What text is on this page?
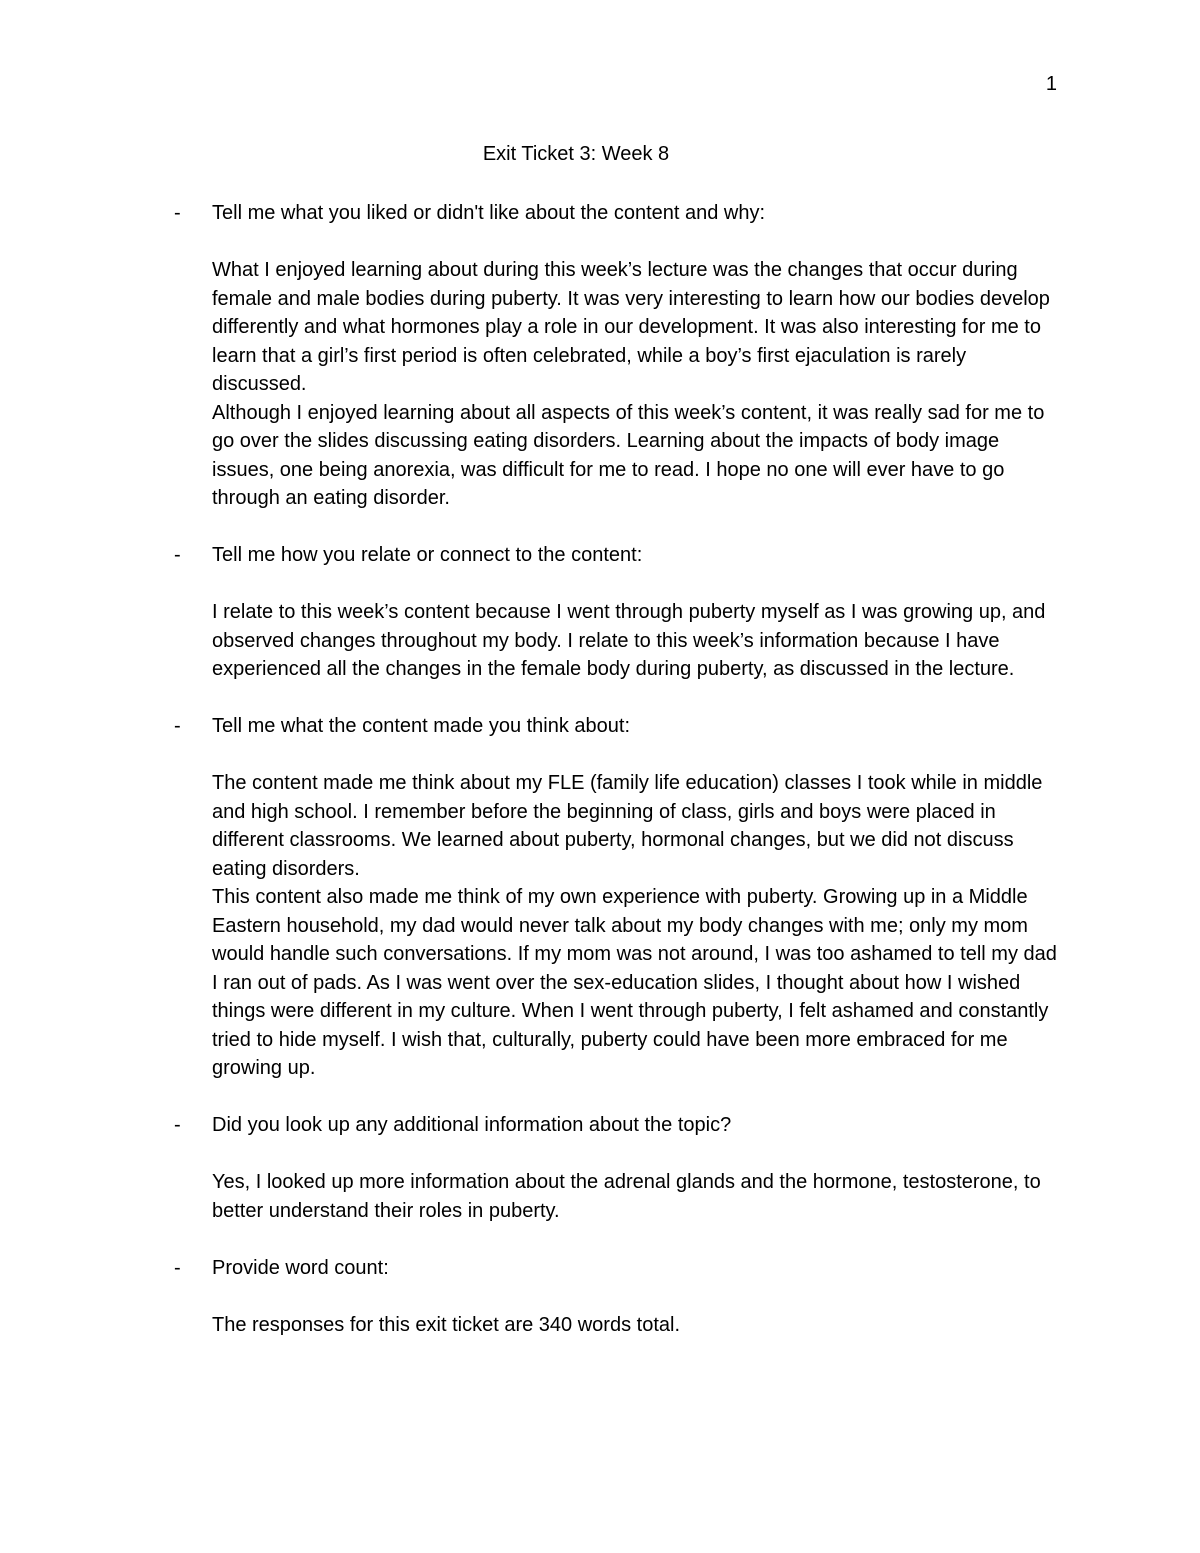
1
Exit Ticket 3: Week 8
-	Tell me what you liked or didn't like about the content and why:

What I enjoyed learning about during this week’s lecture was the changes that occur during female and male bodies during puberty. It was very interesting to learn how our bodies develop differently and what hormones play a role in our development. It was also interesting for me to learn that a girl’s first period is often celebrated, while a boy’s first ejaculation is rarely discussed.

Although I enjoyed learning about all aspects of this week’s content, it was really sad for me to go over the slides discussing eating disorders. Learning about the impacts of body image issues, one being anorexia, was difficult for me to read. I hope no one will ever have to go through an eating disorder.

-	Tell me how you relate or connect to the content:

I relate to this week’s content because I went through puberty myself as I was growing up, and observed changes throughout my body. I relate to this week’s information because I have experienced all the changes in the female body during puberty, as discussed in the lecture.

-	Tell me what the content made you think about:

The content made me think about my FLE (family life education) classes I took while in middle and high school. I remember before the beginning of class, girls and boys were placed in different classrooms. We learned about puberty, hormonal changes, but we did not discuss eating disorders.

This content also made me think of my own experience with puberty. Growing up in a Middle Eastern household, my dad would never talk about my body changes with me; only my mom would handle such conversations. If my mom was not around, I was too ashamed to tell my dad I ran out of pads. As I was went over the sex-education slides, I thought about how I wished things were different in my culture. When I went through puberty, I felt ashamed and constantly tried to hide myself. I wish that, culturally, puberty could have been more embraced for me growing up.

-	Did you look up any additional information about the topic?

Yes, I looked up more information about the adrenal glands and the hormone, testosterone, to better understand their roles in puberty.

-	Provide word count:

The responses for this exit ticket are 340 words total.
